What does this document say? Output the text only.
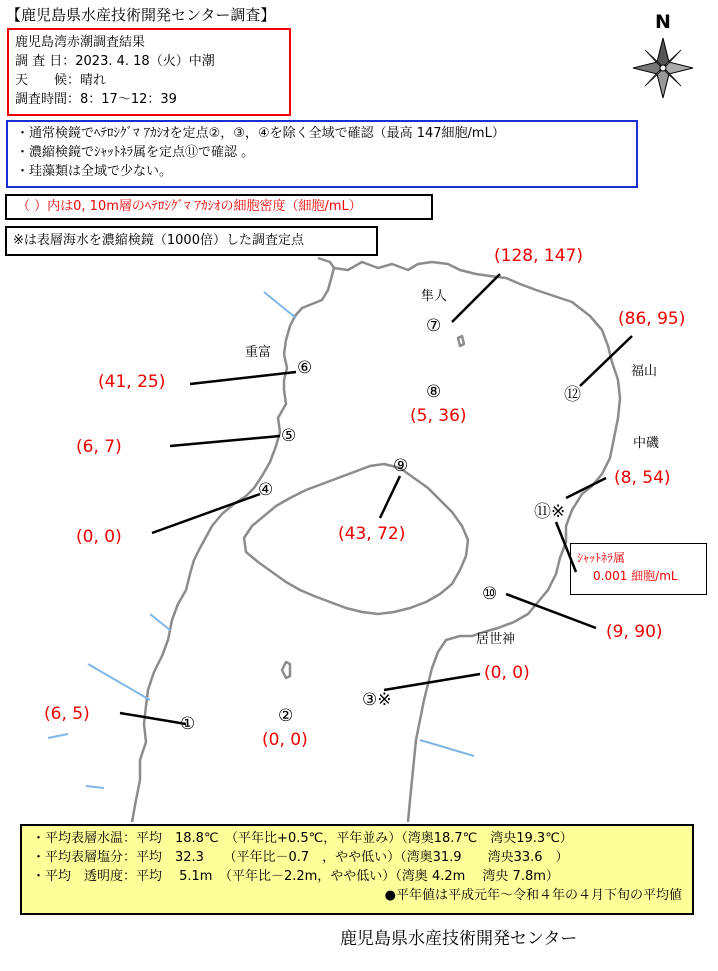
N
【鹿児島県水産技術開発センター調査】
鹿児島湾赤潮調査結果
調 査 日：2023. 4. 18（火）中潮
天　　候：晴れ
調査時間：8：17～12：39
・通常検鏡でﾍﾃﾛｼｸﾞﾏ ｱｶｼｵを定点②，③，④を除く全域で確認（最高 147細胞/mL）
・濃縮検鏡でｼｬｯﾄﾈﾗ属を定点⑪で確認 。
・珪藻類は全域で少ない。
（ ）内は0, 10m層のﾍﾃﾛｼｸﾞﾏ ｱｶｼｵの細胞密度（細胞/mL）
※は表層海水を濃縮検鏡（1000倍）した調査定点
隼人
重富
福山
中磯
居世神
①	②
③※
④
⑤
⑥
⑦
⑧
⑨
⑩
⑪※
⑫
(6, 5)
(0, 0)
(0, 0)
(0, 0)
(6, 7)
(41, 25)
(128, 147)
(5, 36)
(43, 72)
(9, 90)
(8, 54)
(86, 95)
ｼｬｯﾄﾈﾗ属
0.001 細胞/mL
・平均表層水温：平均　18.8℃　（平年比+0.5℃，平年並み）（湾奥18.7℃　湾央19.3℃）
・平均表層塩分：平均　32.3　　（平年比－0.7　，やや低い）（湾奥31.9　　湾央33.6　）
・平均　透明度：平均　 5.1m　（平年比－2.2m，やや低い）（湾奥 4.2m　 湾央 7.8m）
●平年値は平成元年～令和４年の４月下旬の平均値
鹿児島県水産技術開発センター
